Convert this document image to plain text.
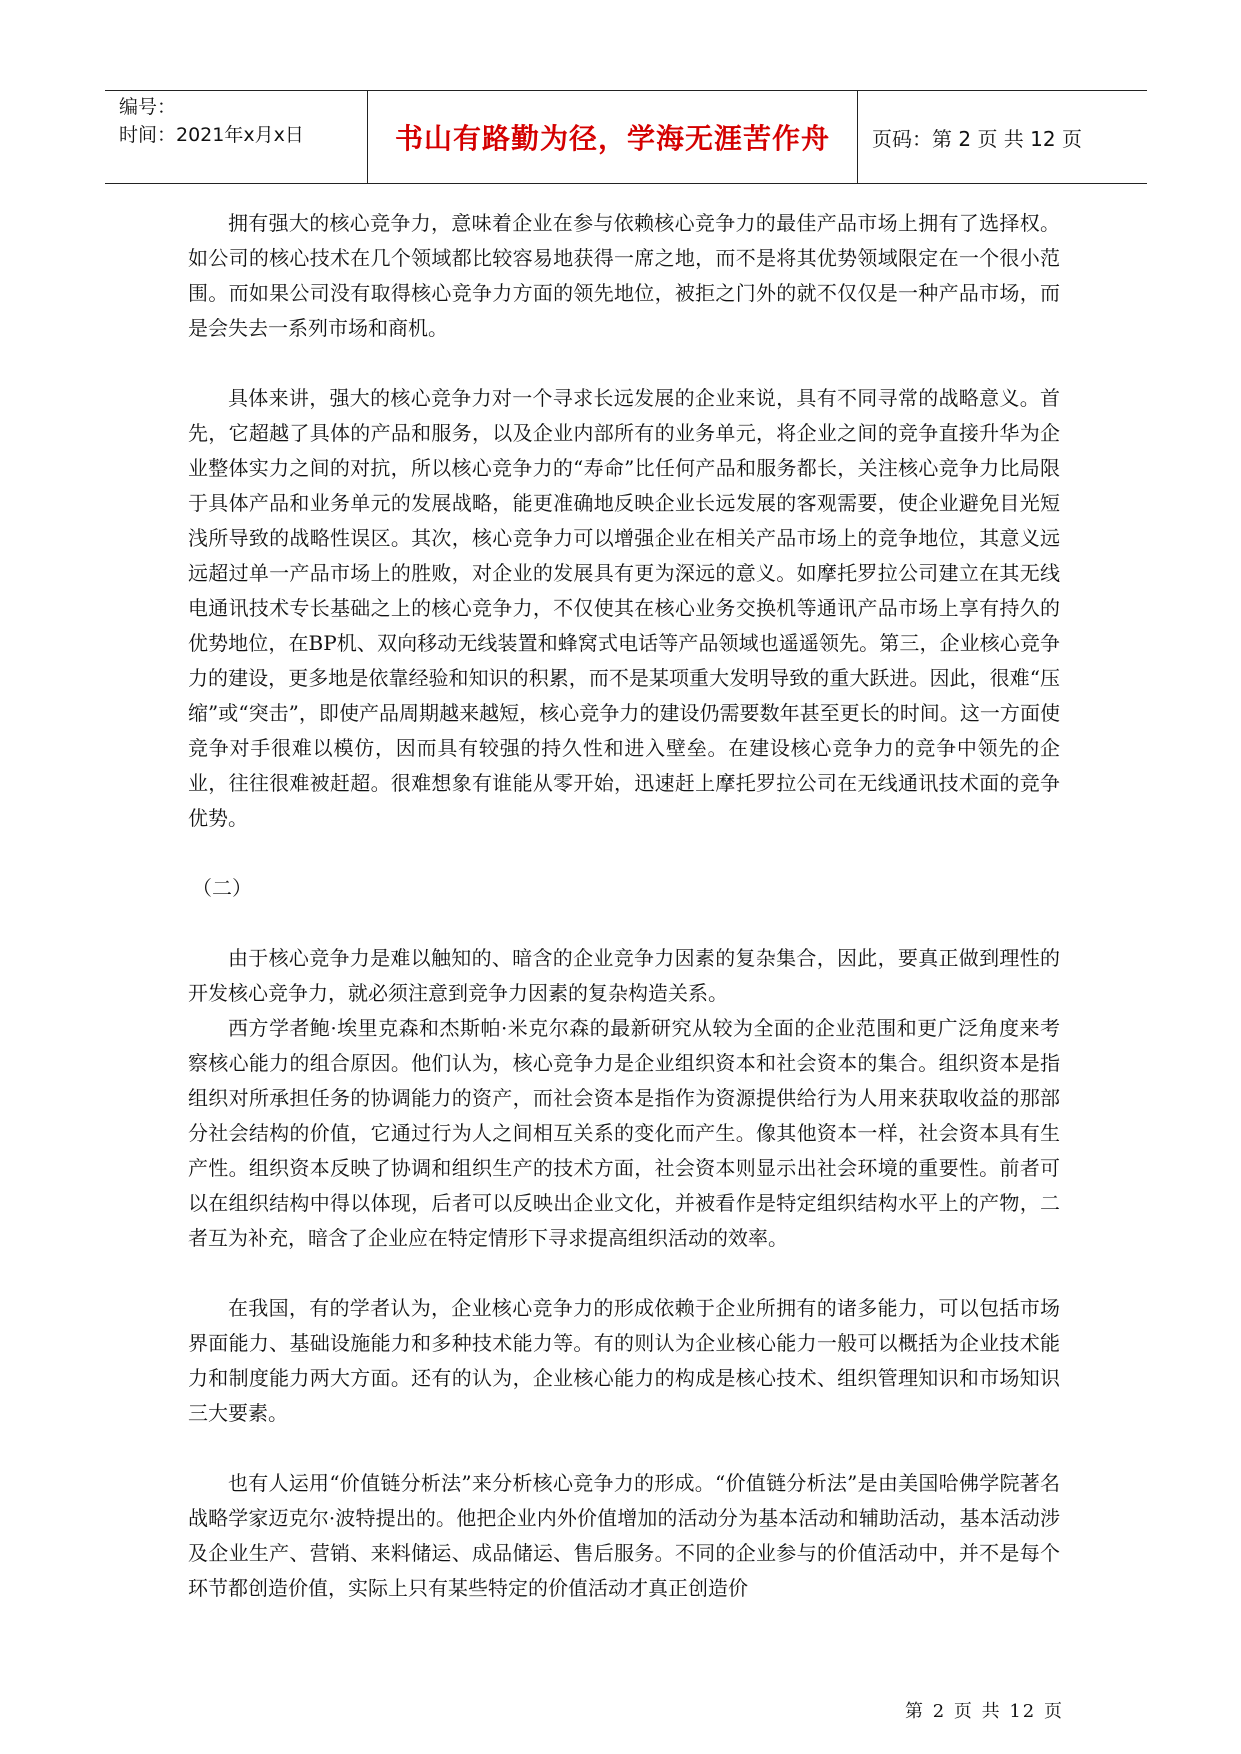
编号：
时间：2021年x月x日	书山有路勤为径，学海无涯苦作舟	页码：第 2 页 共 12 页

拥有强大的核心竞争力，意味着企业在参与依赖核心竞争力的最佳产品市场上拥有了选择权。如公司的核心技术在几个领域都比较容易地获得一席之地，而不是将其优势领域限定在一个很小范围。而如果公司没有取得核心竞争力方面的领先地位，被拒之门外的就不仅仅是一种产品市场，而是会失去一系列市场和商机。

具体来讲，强大的核心竞争力对一个寻求长远发展的企业来说，具有不同寻常的战略意义。首先，它超越了具体的产品和服务，以及企业内部所有的业务单元，将企业之间的竞争直接升华为企业整体实力之间的对抗，所以核心竞争力的“寿命”比任何产品和服务都长，关注核心竞争力比局限于具体产品和业务单元的发展战略，能更准确地反映企业长远发展的客观需要，使企业避免目光短浅所导致的战略性误区。其次，核心竞争力可以增强企业在相关产品市场上的竞争地位，其意义远远超过单一产品市场上的胜败，对企业的发展具有更为深远的意义。如摩托罗拉公司建立在其无线电通讯技术专长基础之上的核心竞争力，不仅使其在核心业务交换机等通讯产品市场上享有持久的优势地位，在BP机、双向移动无线装置和蜂窝式电话等产品领域也遥遥领先。第三，企业核心竞争力的建设，更多地是依靠经验和知识的积累，而不是某项重大发明导致的重大跃进。因此，很难“压缩”或“突击”，即使产品周期越来越短，核心竞争力的建设仍需要数年甚至更长的时间。这一方面使竞争对手很难以模仿，因而具有较强的持久性和进入壁垒。在建设核心竞争力的竞争中领先的企业，往往很难被赶超。很难想象有谁能从零开始，迅速赶上摩托罗拉公司在无线通讯技术面的竞争优势。

（二）

由于核心竞争力是难以触知的、暗含的企业竞争力因素的复杂集合，因此，要真正做到理性的开发核心竞争力，就必须注意到竞争力因素的复杂构造关系。

西方学者鲍·埃里克森和杰斯帕·米克尔森的最新研究从较为全面的企业范围和更广泛角度来考察核心能力的组合原因。他们认为，核心竞争力是企业组织资本和社会资本的集合。组织资本是指组织对所承担任务的协调能力的资产，而社会资本是指作为资源提供给行为人用来获取收益的那部分社会结构的价值，它通过行为人之间相互关系的变化而产生。像其他资本一样，社会资本具有生产性。组织资本反映了协调和组织生产的技术方面，社会资本则显示出社会环境的重要性。前者可以在组织结构中得以体现，后者可以反映出企业文化，并被看作是特定组织结构水平上的产物，二者互为补充，暗含了企业应在特定情形下寻求提高组织活动的效率。

在我国，有的学者认为，企业核心竞争力的形成依赖于企业所拥有的诸多能力，可以包括市场界面能力、基础设施能力和多种技术能力等。有的则认为企业核心能力一般可以概括为企业技术能力和制度能力两大方面。还有的认为，企业核心能力的构成是核心技术、组织管理知识和市场知识三大要素。

也有人运用“价值链分析法”来分析核心竞争力的形成。“价值链分析法”是由美国哈佛学院著名战略学家迈克尔·波特提出的。他把企业内外价值增加的活动分为基本活动和辅助活动，基本活动涉及企业生产、营销、来料储运、成品储运、售后服务。不同的企业参与的价值活动中，并不是每个环节都创造价值，实际上只有某些特定的价值活动才真正创造价

第 2 页 共 12 页
